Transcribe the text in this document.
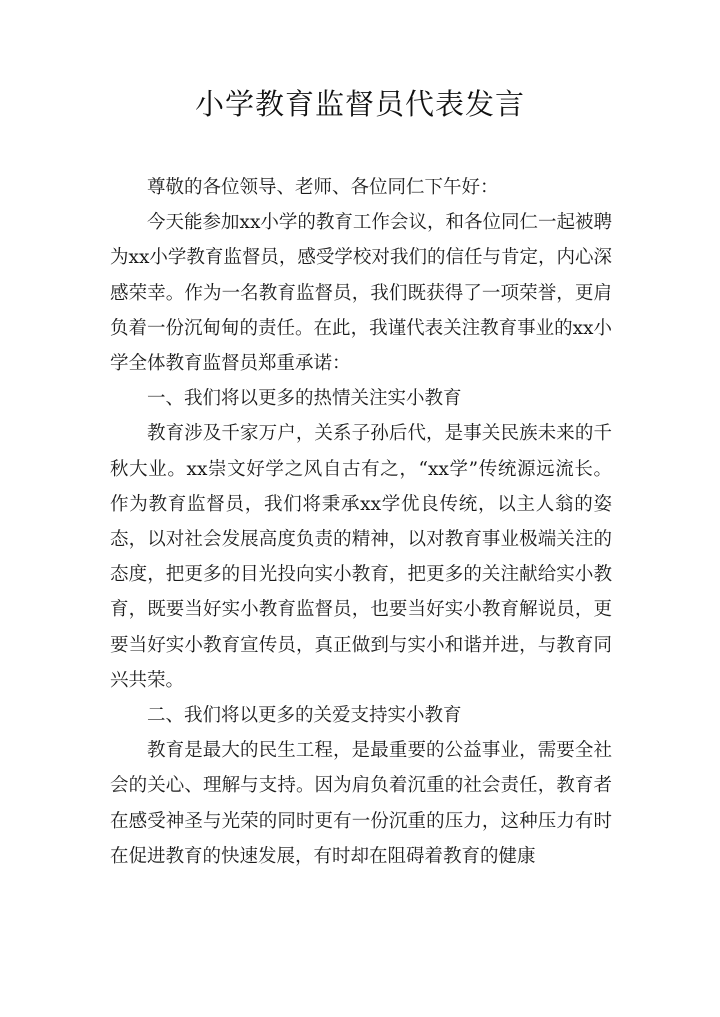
小学教育监督员代表发言

尊敬的各位领导、老师、各位同仁下午好：

今天能参加xx小学的教育工作会议，和各位同仁一起被聘为xx小学教育监督员，感受学校对我们的信任与肯定，内心深感荣幸。作为一名教育监督员，我们既获得了一项荣誉，更肩负着一份沉甸甸的责任。在此，我谨代表关注教育事业的xx小学全体教育监督员郑重承诺：

一、我们将以更多的热情关注实小教育

教育涉及千家万户，关系子孙后代，是事关民族未来的千秋大业。xx崇文好学之风自古有之，“xx学”传统源远流长。作为教育监督员，我们将秉承xx学优良传统，以主人翁的姿态，以对社会发展高度负责的精神，以对教育事业极端关注的态度，把更多的目光投向实小教育，把更多的关注献给实小教育，既要当好实小教育监督员，也要当好实小教育解说员，更要当好实小教育宣传员，真正做到与实小和谐并进，与教育同兴共荣。

二、我们将以更多的关爱支持实小教育

教育是最大的民生工程，是最重要的公益事业，需要全社会的关心、理解与支持。因为肩负着沉重的社会责任，教育者在感受神圣与光荣的同时更有一份沉重的压力，这种压力有时在促进教育的快速发展，有时却在阻碍着教育的健康
